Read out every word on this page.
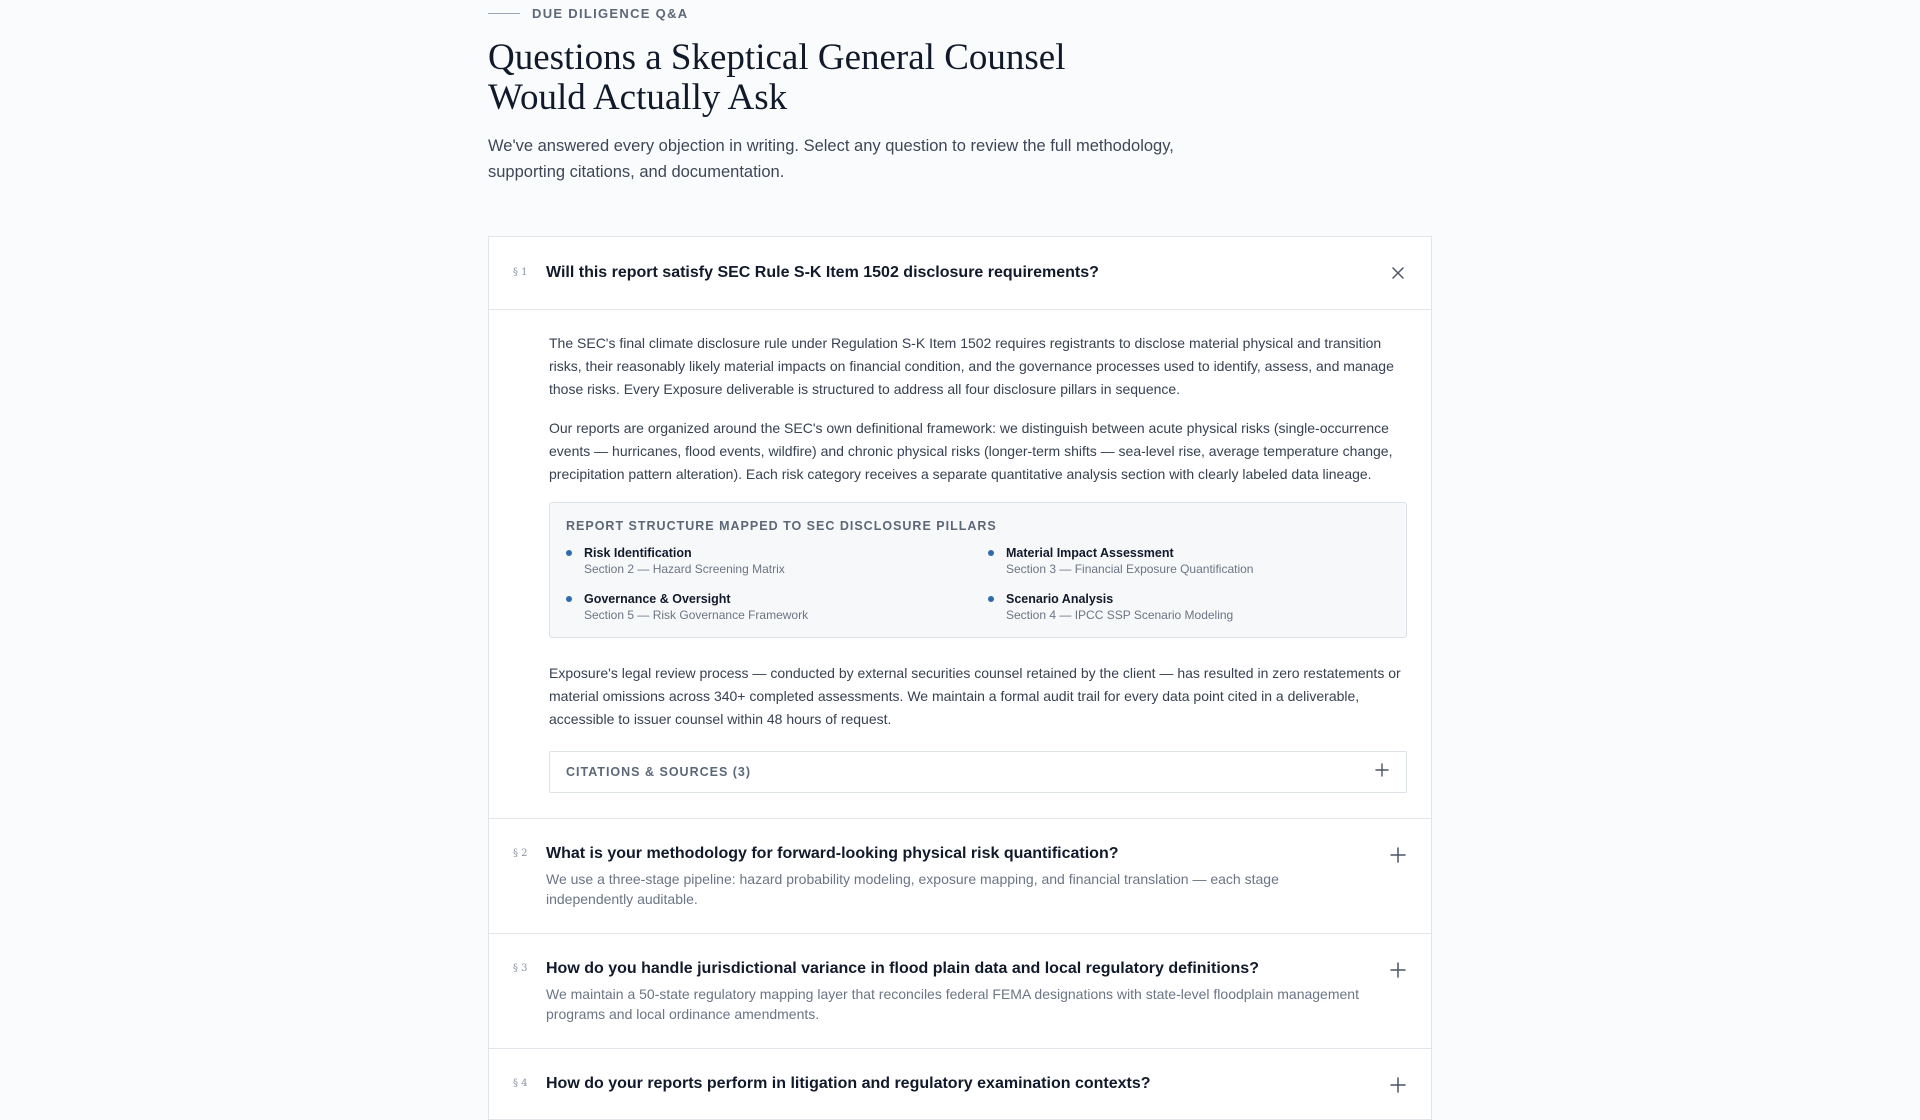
DUE DILIGENCE Q&A
Questions a Skeptical General Counsel Would Actually Ask
We've answered every objection in writing. Select any question to review the full methodology, supporting citations, and documentation.
§ 1	Will this report satisfy SEC Rule S-K Item 1502 disclosure requirements?

The SEC's final climate disclosure rule under Regulation S-K Item 1502 requires registrants to disclose material physical and transition risks, their reasonably likely material impacts on financial condition, and the governance processes used to identify, assess, and manage those risks. Every Exposure deliverable is structured to address all four disclosure pillars in sequence.

Our reports are organized around the SEC's own definitional framework: we distinguish between acute physical risks (single-occurrence events — hurricanes, flood events, wildfire) and chronic physical risks (longer-term shifts — sea-level rise, average temperature change, precipitation pattern alteration). Each risk category receives a separate quantitative analysis section with clearly labeled data lineage.

REPORT STRUCTURE MAPPED TO SEC DISCLOSURE PILLARS
Risk Identification
Section 2 — Hazard Screening Matrix
Material Impact Assessment
Section 3 — Financial Exposure Quantification
Governance & Oversight
Section 5 — Risk Governance Framework
Scenario Analysis
Section 4 — IPCC SSP Scenario Modeling

Exposure's legal review process — conducted by external securities counsel retained by the client — has resulted in zero restatements or material omissions across 340+ completed assessments. We maintain a formal audit trail for every data point cited in a deliverable, accessible to issuer counsel within 48 hours of request.

CITATIONS & SOURCES (3)
§ 2	What is your methodology for forward-looking physical risk quantification?
We use a three-stage pipeline: hazard probability modeling, exposure mapping, and financial translation — each stage independently auditable.
§ 3	How do you handle jurisdictional variance in flood plain data and local regulatory definitions?
We maintain a 50-state regulatory mapping layer that reconciles federal FEMA designations with state-level floodplain management programs and local ordinance amendments.
§ 4	How do your reports perform in litigation and regulatory examination contexts?
